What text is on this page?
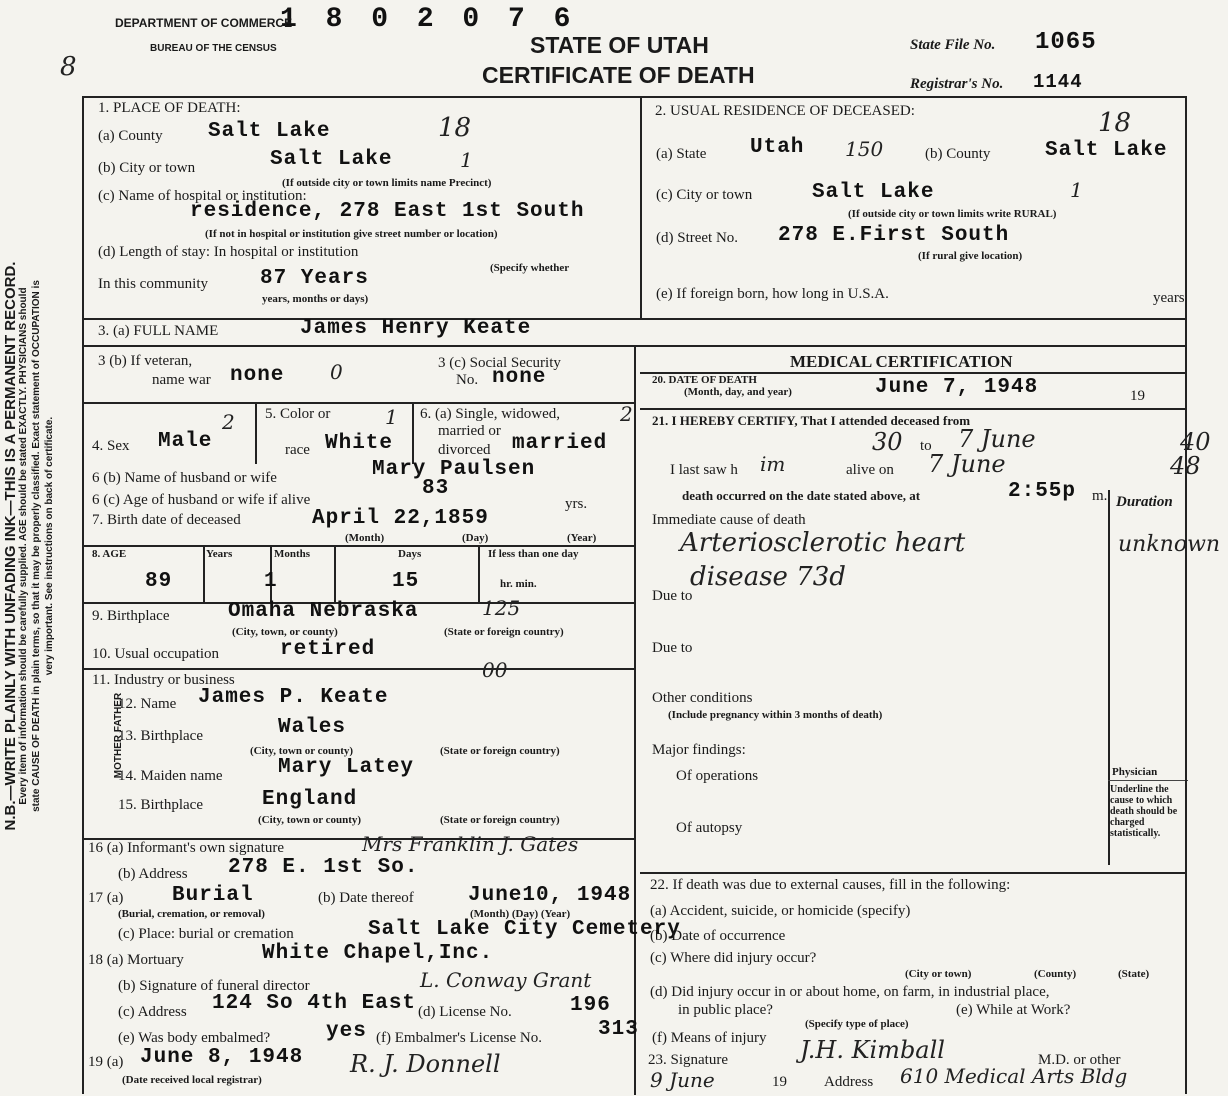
N.B.—WRITE PLAINLY WITH UNFADING INK—THIS IS A PERMANENT RECORD. Every item of information should be carefully supplied. AGE should be stated EXACTLY. PHYSICIANS should state CAUSE OF DEATH in plain terms, so that it may be properly classified. Exact statement of OCCUPATION is very important. See instructions on back of certificate.
8
1 8 0 2 0 7 6
DEPARTMENT OF COMMERCE
BUREAU OF THE CENSUS	STATE OF UTAH
CERTIFICATE OF DEATH
State File No. 1065
Registrar's No. 1144
1. PLACE OF DEATH:
(a) County Salt Lake	18
(b) City or town	Salt Lake	1
(If outside city or town limits name Precinct)
(c) Name of hospital or institution:
residence, 278 East 1st South
(If not in hospital or institution give street number or location)
(d) Length of stay: In hospital or institution
(Specify whether
In this community 87 Years
years, months or days)
2. USUAL RESIDENCE OF DECEASED:
(a) State Utah 150	(b) County	Salt Lake
18
(c) City or town	Salt Lake	1
(If outside city or town limits write RURAL)
(d) Street No. 278 E.First South
(If rural give location)
(e) If foreign born, how long in U.S.A.	years
3. (a) FULL NAME	James Henry Keate
3 (b) If veteran,
name war none 0	3 (c) Social Security
No. none
MEDICAL CERTIFICATION
20. DATE OF DEATH
(Month, day, and year)	June 7, 1948	19
4. Sex Male
2 5. Color or
race White
1 6. (a) Single, widowed,
married or
divorced married
2
6 (b) Name of husband or wife	Mary Paulsen
6 (c) Age of husband or wife if alive	83
yrs.
7. Birth date of deceased	April 22,1859
(Month)	(Day)	(Year)
8. AGE	Years	Months	Days	If less than one day
89	1	15	hr. min.
9. Birthplace	Omaha Nebraska	125
(City, town, or county)	(State or foreign country)
10. Usual occupation	retired
00
11. Industry or business
MOTHER FATHER
12. Name James P. Keate
13. Birthplace	Wales
(City, town or county)	(State or foreign country)
14. Maiden name	Mary Latey
15. Birthplace	England
(City, town or county)	(State or foreign country)
16 (a) Informant's own signature	Mrs Franklin J. Gates
(b) Address 278 E. 1st So.
17 (a) Burial
(Burial, cremation, or removal)
(b) Date thereof	June10, 1948
(Month) (Day) (Year)
(c) Place: burial or cremation	Salt Lake City Cemetery
18 (a) Mortuary	White Chapel,Inc.
(b) Signature of funeral director	L. Conway Grant
(c) Address 124 So 4th East (d) License No.	196
(e) Was body embalmed?	yes (f) Embalmer's License No.	313
19 (a) June 8, 1948
(Date received local registrar)
R. J. Donnell
21. I HEREBY CERTIFY, That I attended deceased from
30 to 7 June	40
I last saw h im	alive on 7 June	48
death occurred on the date stated above, at	2:55p m. Duration
Immediate cause of death
Arteriosclerotic heart	unknown
disease 73d
Due to
Due to
Other conditions
(Include pregnancy within 3 months of death)
Major findings:
Of operations
Of autopsy
Physician
Underline the cause to which death should be charged statistically.
22. If death was due to external causes, fill in the following:
(a) Accident, suicide, or homicide (specify)
(b) Date of occurrence
(c) Where did injury occur?
(City or town)	(County)	(State)
(d) Did injury occur in or about home, on farm, in industrial place,
in public place?
(Specify type of place)
(e) While at Work?
(f) Means of injury
23. Signature	J.H. Kimball	M.D. or other
9 June	19 Address 610 Medical Arts Bldg
